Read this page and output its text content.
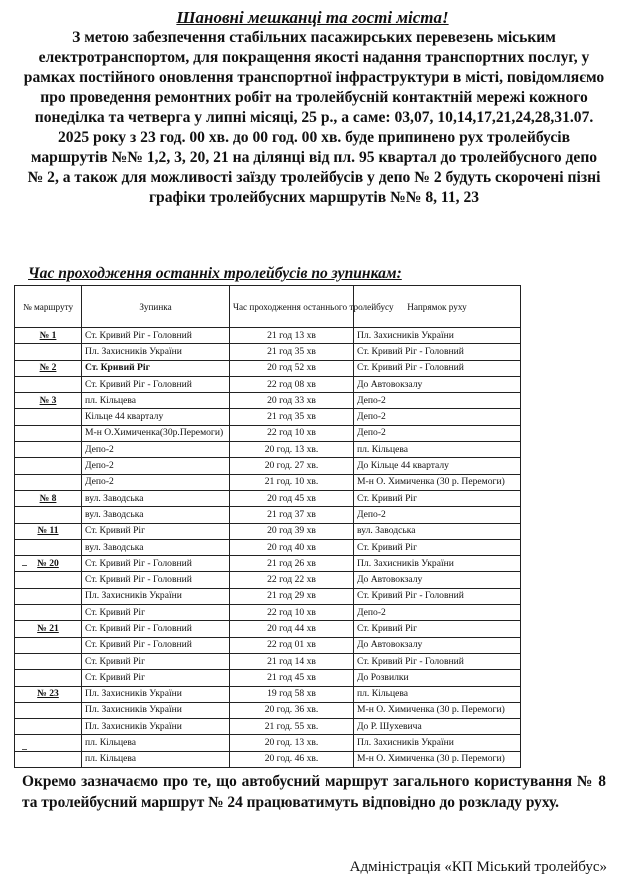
Шановні мешканці та гості міста!
З метою забезпечення стабільних пасажирських перевезень міським електротранспортом, для покращення якості надання транспортних послуг, у рамках постійного оновлення транспортної інфраструктури в місті, повідомляємо про проведення ремонтних робіт на тролейбусній контактній мережі кожного понеділка та четверга у липні місяці, 25 р., а саме: 03,07, 10,14,17,21,24,28,31.07. 2025 року з 23 год. 00 хв. до 00 год. 00 хв. буде припинено рух тролейбусів маршрутів №№ 1,2, 3, 20, 21 на ділянці від пл. 95 квартал до тролейбусного депо № 2, а також для можливості заїзду тролейбусів у депо № 2 будуть скорочені пізні графіки тролейбусних маршрутів №№ 8, 11, 23
Час проходження останніх тролейбусів по зупинкам:
№ маршруту	Зупинка	Час проходження останнього тролейбусу	Напрямок руху
№ 1	Ст. Кривий Ріг - Головний	21 год 13 хв	Пл. Захисників України
	Пл. Захисників України	21 год 35 хв	Ст. Кривий Ріг - Головний
№ 2	Ст. Кривий Ріг	20 год 52 хв	Ст. Кривий Ріг - Головний
	Ст. Кривий Ріг - Головний	22 год 08 хв	До Автовокзалу
№ 3	пл. Кільцева	20 год 33 хв	Депо-2
	Кільце 44 кварталу	21 год 35 хв	Депо-2
	М-н О.Химиченка(30р.Перемоги)	22 год 10 хв	Депо-2
	Депо-2	20 год. 13 хв.	пл. Кільцева
	Депо-2	20 год. 27 хв.	До Кільце 44 кварталу
	Депо-2	21 год. 10 хв.	М-н О. Химиченка (30 р. Перемоги)
№ 8	вул. Заводська	20 год 45 хв	Ст. Кривий Ріг
	вул. Заводська	21 год 37 хв	Депо-2
№ 11	Ст. Кривий Ріг	20 год 39 хв	вул. Заводська
	вул. Заводська	20 год 40 хв	Ст. Кривий Ріг
№ 20	Ст. Кривий Ріг - Головний	21 год 26 хв	Пл. Захисників України
	Ст. Кривий Ріг - Головний	22 год 22 хв	До Автовокзалу
	Пл. Захисників України	21 год 29 хв	Ст. Кривий Ріг - Головний
	Ст. Кривий Ріг	22 год 10 хв	Депо-2
№ 21	Ст. Кривий Ріг - Головний	20 год 44 хв	Ст. Кривий Ріг
	Ст. Кривий Ріг - Головний	22 год 01 хв	До Автовокзалу
	Ст. Кривий Ріг	21 год 14 хв	Ст. Кривий Ріг - Головний
	Ст. Кривий Ріг	21 год 45 хв	До Розвилки
№ 23	Пл. Захисників України	19 год 58 хв	пл. Кільцева
	Пл. Захисників України	20 год. 36 хв.	М-н О. Химиченка (30 р. Перемоги)
	Пл. Захисників України	21 год. 55 хв.	До Р. Шухевича
	пл. Кільцева	20 год. 13 хв.	Пл. Захисників України
	пл. Кільцева	20 год. 46 хв.	М-н О. Химиченка (30 р. Перемоги)
Окремо зазначаємо про те, що автобусний маршрут загального користування № 8 та тролейбусний маршрут № 24 працюватимуть відповідно до розкладу руху.
Адміністрація «КП Міський тролейбус»
